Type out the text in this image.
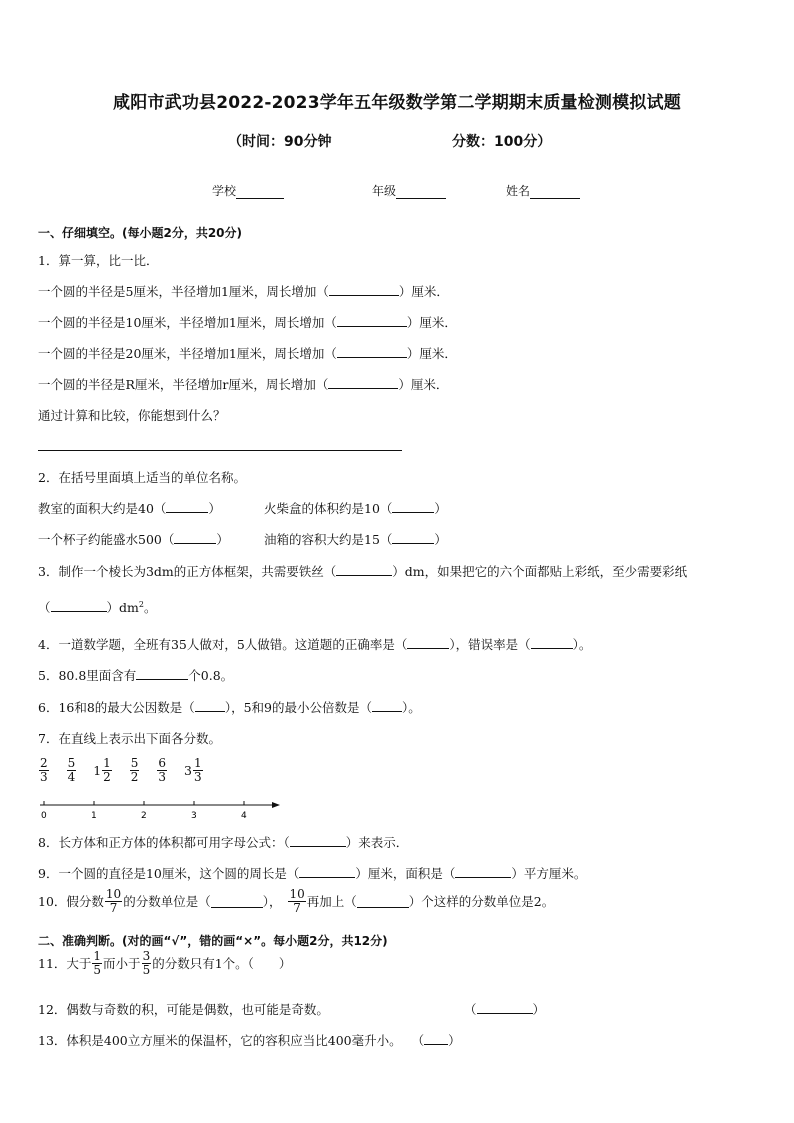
咸阳市武功县2022-2023学年五年级数学第二学期期末质量检测模拟试题
（时间：90分钟	分数：100分）
学校	年级	姓名
一、仔细填空。(每小题2分，共20分)
1．算一算，比一比．
一个圆的半径是5厘米，半径增加1厘米，周长增加（	）厘米．
一个圆的半径是10厘米，半径增加1厘米，周长增加（	）厘米．
一个圆的半径是20厘米，半径增加1厘米，周长增加（	）厘米．
一个圆的半径是R厘米，半径增加r厘米，周长增加（	）厘米．
通过计算和比较，你能想到什么？
2．在括号里面填上适当的单位名称。
教室的面积大约是40（	）	火柴盒的体积约是10（	）
一个杯子约能盛水500（	）	油箱的容积大约是15（	）
3．制作一个棱长为3dm的正方体框架，共需要铁丝（	）dm，如果把它的六个面都贴上彩纸，至少需要彩纸
（	）$dm^2$。
4．一道数学题，全班有35人做对，5人做错。这道题的正确率是（	），错误率是（	）。
5．80.8里面含有	个0.8。
6．16和8的最大公因数是（ ），5和9的最小公倍数是（ ）。
7．在直线上表示出下面各分数。
$\frac{2}{3}$
$\frac{5}{4} 1 \frac{1}{2}$
$\frac{5}{2}$
$\frac{6}{3} 3 \frac{1}{3}$
0	1	2	3	4
8．长方体和正方体的体积都可用字母公式：（	）来表示．
9．一个圆的直径是10厘米，这个圆的周长是（	）厘米，面积是（	）平方厘米。
10．假分数 $\frac{10}{7}$ 的分数单位是（	）， $\frac{10}{7}$ 再加上（	）个这样的分数单位是2。
二、准确判断。(对的画“√”，错的画“×”。每小题2分，共12分)
11．大于 $\frac{1}{5}$ 而小于 $\frac{3}{5}$ 的分数只有1个。（　　）
12．偶数与奇数的积，可能是偶数，也可能是奇数。	（	）
13．体积是400立方厘米的保温杯，它的容积应当比400毫升小。 （ ）
